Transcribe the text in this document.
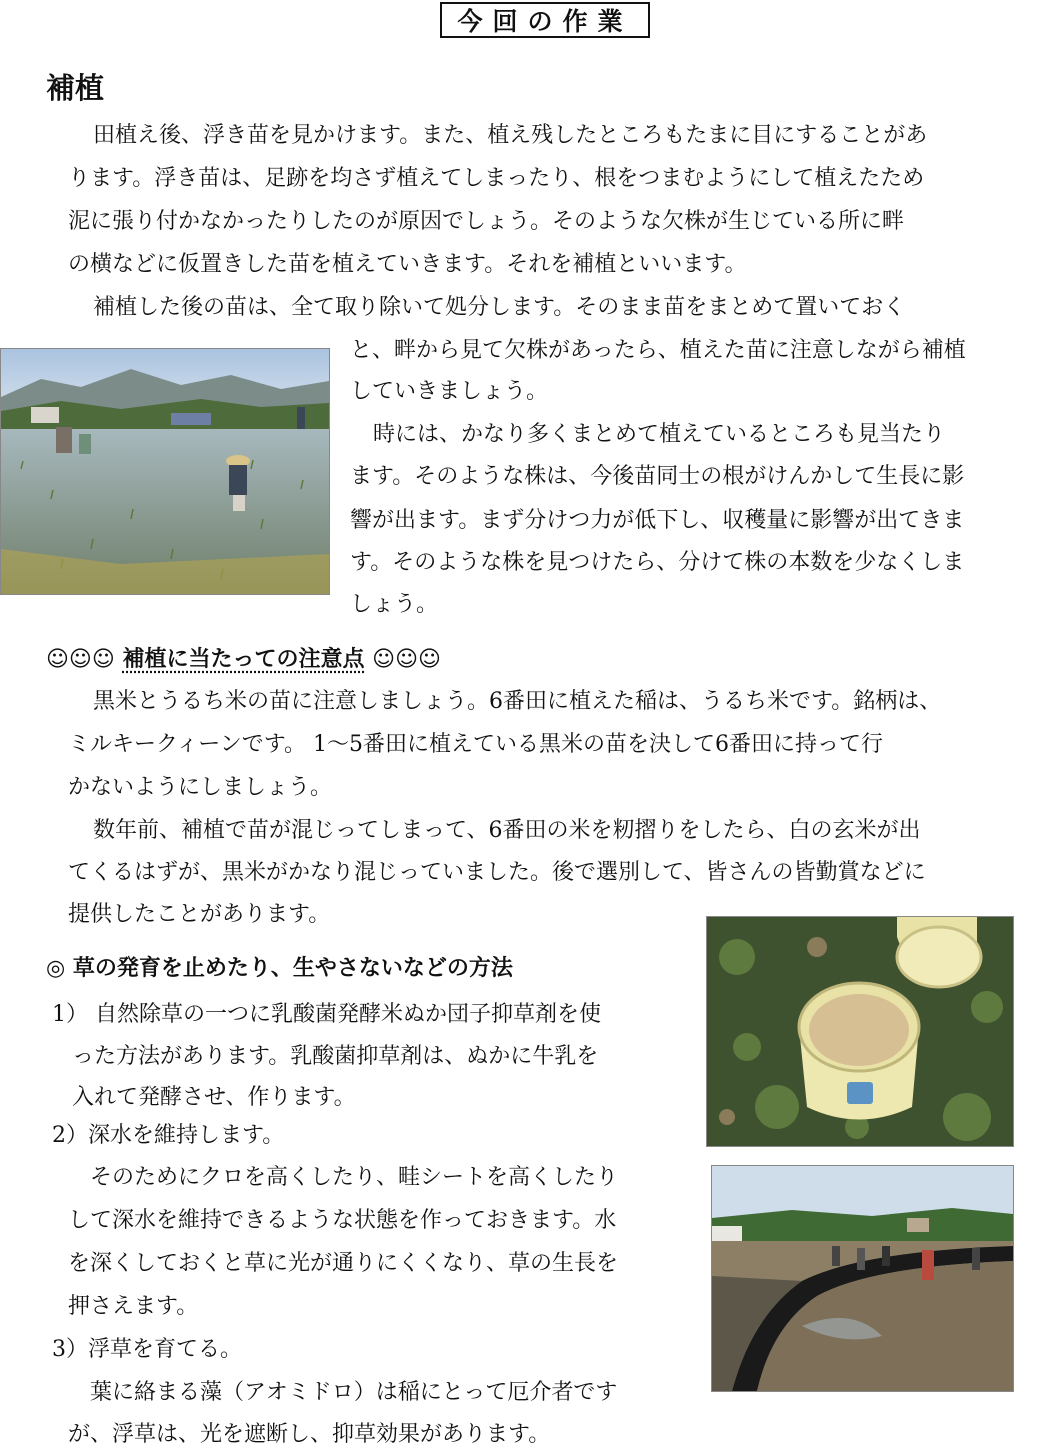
今回の作業
補植
田植え後、浮き苗を見かけます。また、植え残したところもたまに目にすることがあ
ります。浮き苗は、足跡を均さず植えてしまったり、根をつまむようにして植えたため
泥に張り付かなかったりしたのが原因でしょう。そのような欠株が生じている所に畔
の横などに仮置きした苗を植えていきます。それを補植といいます。
補植した後の苗は、全て取り除いて処分します。そのまま苗をまとめて置いておく
と、畔から見て欠株があったら、植えた苗に注意しながら補植
していきましょう。
時には、かなり多くまとめて植えているところも見当たり
ます。そのような株は、今後苗同士の根がけんかして生長に影
響が出ます。まず分けつ力が低下し、収穫量に影響が出てきま
す。そのような株を見つけたら、分けて株の本数を少なくしま
しょう。
☺☺☺ 補植に当たっての注意点 ☺☺☺
黒米とうるち米の苗に注意しましょう。6番田に植えた稲は、うるち米です。銘柄は、
ミルキークィーンです。 1～5番田に植えている黒米の苗を決して6番田に持って行
かないようにしましょう。
数年前、補植で苗が混じってしまって、6番田の米を籾摺りをしたら、白の玄米が出
てくるはずが、黒米がかなり混じっていました。後で選別して、皆さんの皆勤賞などに
提供したことがあります。
◎ 草の発育を止めたり、生やさないなどの方法
1） 自然除草の一つに乳酸菌発酵米ぬか団子抑草剤を使
った方法があります。乳酸菌抑草剤は、ぬかに牛乳を
入れて発酵させ、作ります。
2）深水を維持します。
そのためにクロを高くしたり、畦シートを高くしたり
して深水を維持できるような状態を作っておきます。水
を深くしておくと草に光が通りにくくなり、草の生長を
押さえます。
3）浮草を育てる。
葉に絡まる藻（アオミドロ）は稲にとって厄介者です
が、浮草は、光を遮断し、抑草効果があります。
